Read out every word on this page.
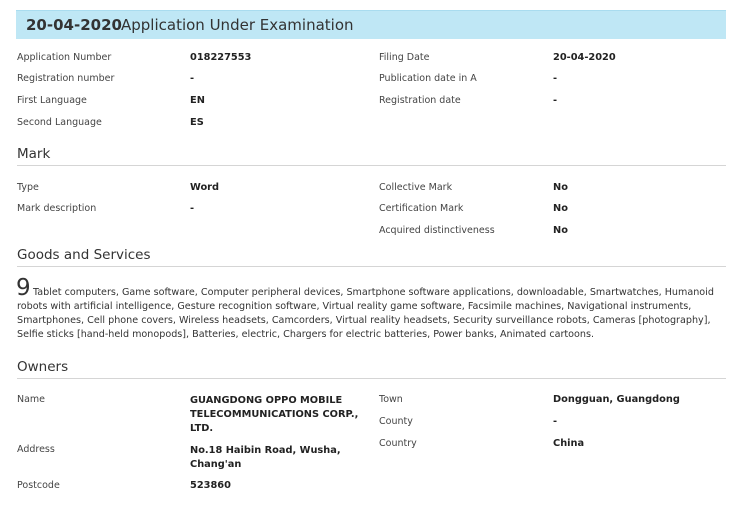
20-04-2020 Application Under Examination
Application Number	018227553
Registration number	-
First Language	EN
Second Language	ES
Filing Date	20-04-2020
Publication date in A	-
Registration date	-
Mark
Type	Word
Mark description	-
Collective Mark	No
Certification Mark	No
Acquired distinctiveness	No
Goods and Services
9 Tablet computers, Game software, Computer peripheral devices, Smartphone software applications, downloadable, Smartwatches, Humanoid robots with artificial intelligence, Gesture recognition software, Virtual reality game software, Facsimile machines, Navigational instruments, Smartphones, Cell phone covers, Wireless headsets, Camcorders, Virtual reality headsets, Security surveillance robots, Cameras [photography], Selfie sticks [hand-held monopods], Batteries, electric, Chargers for electric batteries, Power banks, Animated cartoons.
Owners
Name	GUANGDONG OPPO MOBILE TELECOMMUNICATIONS CORP., LTD.
Address	No.18 Haibin Road, Wusha, Chang'an
Postcode	523860
Town	Dongguan, Guangdong
County	-
Country	China
